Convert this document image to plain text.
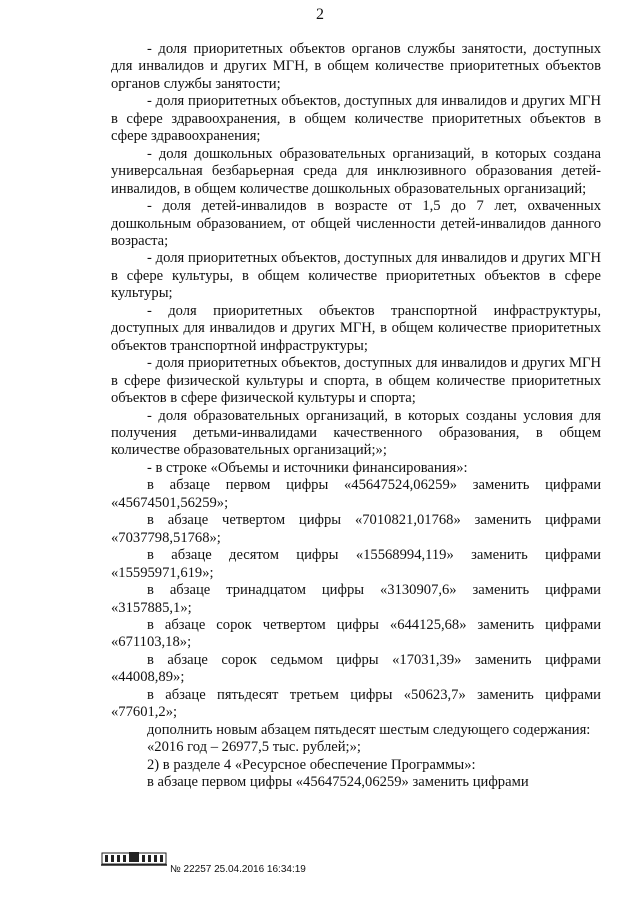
2

- доля приоритетных объектов органов службы занятости, доступных для инвалидов и других МГН, в общем количестве приоритетных объектов органов службы занятости;

- доля приоритетных объектов, доступных для инвалидов и других МГН в сфере здравоохранения, в общем количестве приоритетных объектов в сфере здравоохранения;

- доля дошкольных образовательных организаций, в которых создана универсальная безбарьерная среда для инклюзивного образования детей-инвалидов, в общем количестве дошкольных образовательных организаций;

- доля детей-инвалидов в возрасте от 1,5 до 7 лет, охваченных дошкольным образованием, от общей численности детей-инвалидов данного возраста;

- доля приоритетных объектов, доступных для инвалидов и других МГН в сфере культуры, в общем количестве приоритетных объектов в сфере культуры;

- доля приоритетных объектов транспортной инфраструктуры, доступных для инвалидов и других МГН, в общем количестве приоритетных объектов транспортной инфраструктуры;

- доля приоритетных объектов, доступных для инвалидов и других МГН в сфере физической культуры и спорта, в общем количестве приоритетных объектов в сфере физической культуры и спорта;

- доля образовательных организаций, в которых созданы условия для получения детьми-инвалидами качественного образования, в общем количестве образовательных организаций;»;

- в строке «Объемы и источники финансирования»:

в абзаце первом цифры «45647524,06259» заменить цифрами «45674501,56259»;

в абзаце четвертом цифры «7010821,01768» заменить цифрами «7037798,51768»;

в абзаце десятом цифры «15568994,119» заменить цифрами «15595971,619»;

в абзаце тринадцатом цифры «3130907,6» заменить цифрами «3157885,1»;

в абзаце сорок четвертом цифры «644125,68» заменить цифрами «671103,18»;

в абзаце сорок седьмом цифры «17031,39» заменить цифрами «44008,89»;

в абзаце пятьдесят третьем цифры «50623,7» заменить цифрами «77601,2»;

дополнить новым абзацем пятьдесят шестым следующего содержания:

«2016 год – 26977,5 тыс. рублей;»;

2) в разделе 4 «Ресурсное обеспечение Программы»:

в абзаце первом цифры «45647524,06259» заменить цифрами

№ 22257 25.04.2016 16:34:19
